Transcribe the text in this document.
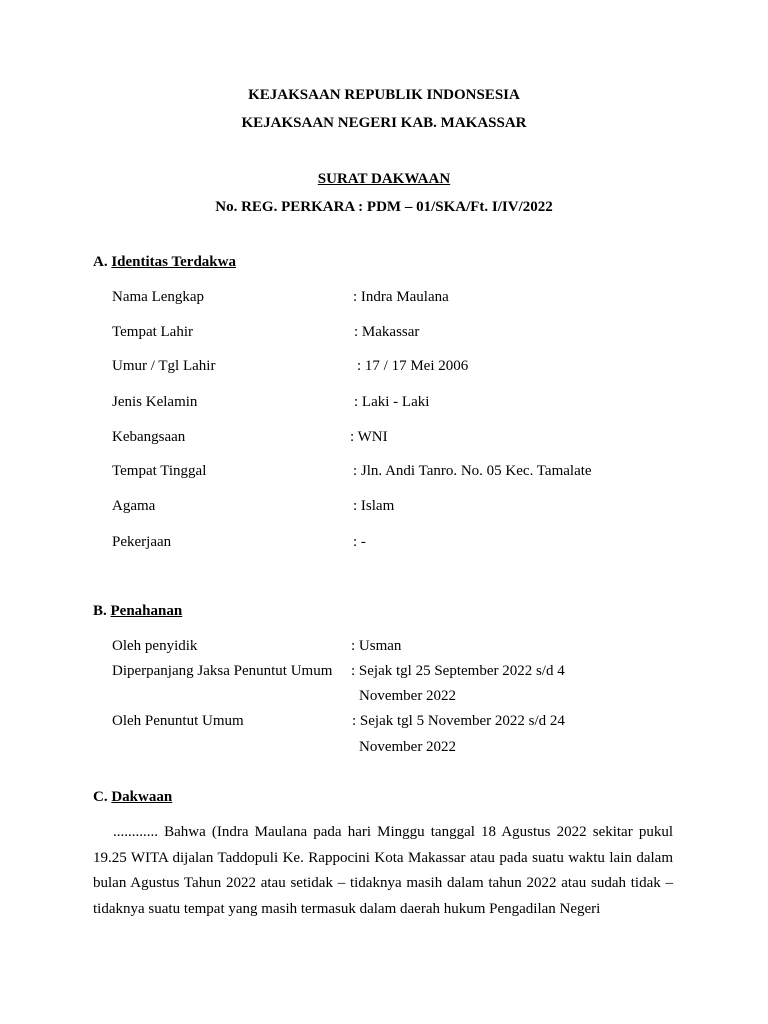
KEJAKSAAN REPUBLIK INDONSESIA
KEJAKSAAN NEGERI KAB. MAKASSAR
SURAT DAKWAAN
No. REG. PERKARA : PDM – 01/SKA/Ft. I/IV/2022
A. Identitas Terdakwa
Nama Lengkap	: Indra Maulana
Tempat Lahir	: Makassar
Umur / Tgl Lahir	: 17 / 17 Mei 2006
Jenis Kelamin	: Laki - Laki
Kebangsaan	: WNI
Tempat Tinggal	: Jln. Andi Tanro. No. 05 Kec. Tamalate
Agama	: Islam
Pekerjaan	: -
B. Penahanan
Oleh penyidik	: Usman
Diperpanjang Jaksa Penuntut Umum : Sejak tgl 25 September 2022 s/d 4
November 2022
Oleh Penuntut Umum	: Sejak tgl 5 November 2022 s/d 24
November 2022
C. Dakwaan
............ Bahwa (Indra Maulana pada hari Minggu tanggal 18 Agustus 2022 sekitar pukul 19.25 WITA dijalan Taddopuli Ke. Rappocini Kota Makassar atau pada suatu waktu lain dalam bulan Agustus Tahun 2022 atau setidak – tidaknya masih dalam tahun 2022 atau sudah tidak – tidaknya suatu tempat yang masih termasuk dalam daerah hukum Pengadilan Negeri
